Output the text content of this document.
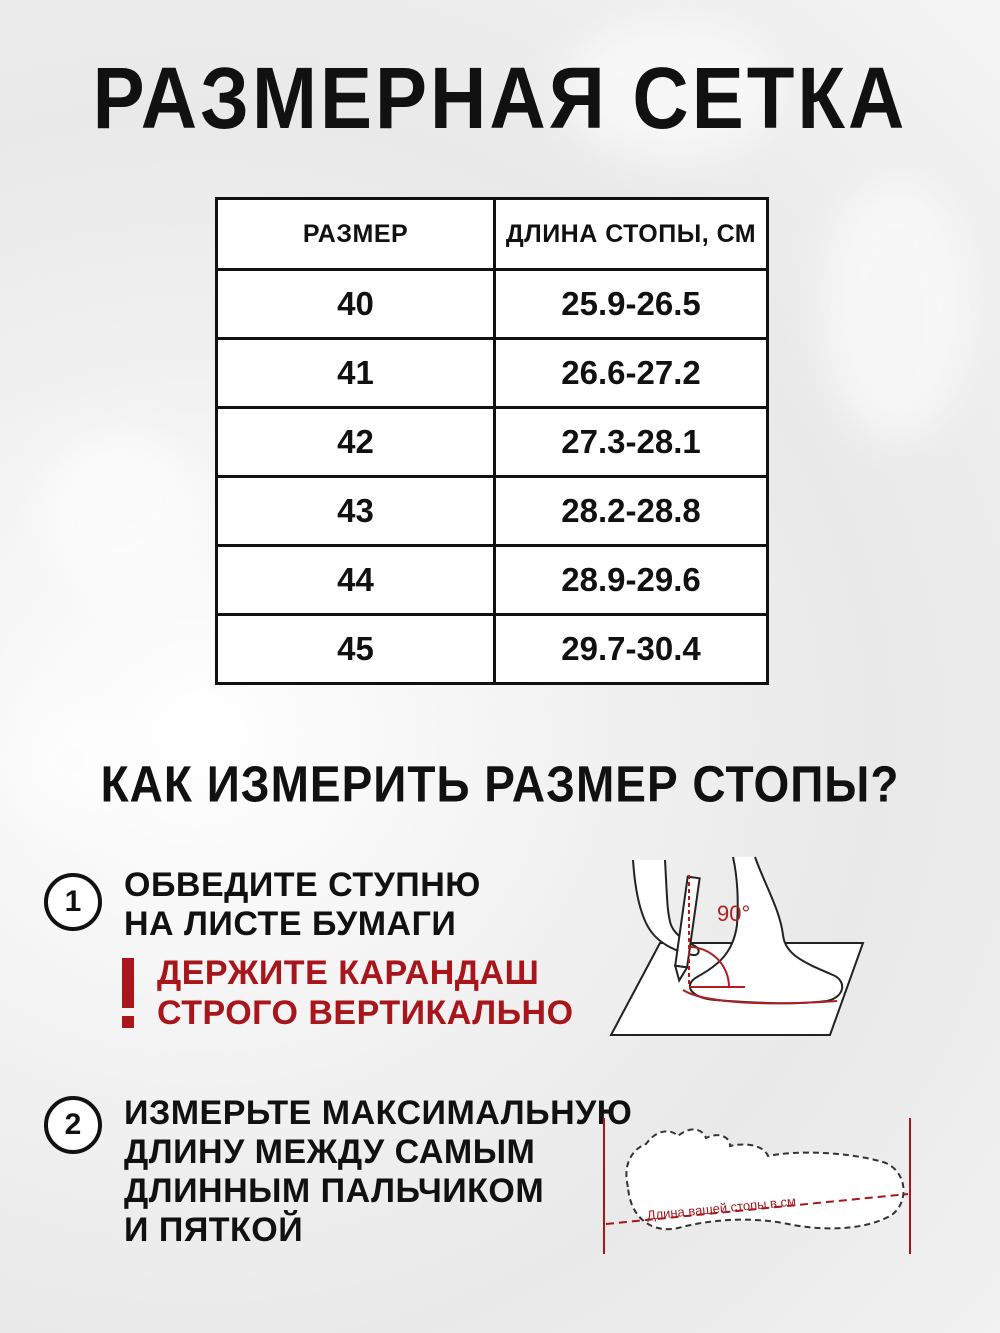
РАЗМЕРНАЯ СЕТКА
РАЗМЕР	ДЛИНА СТОПЫ, СМ
40	25.9-26.5
41	26.6-27.2
42	27.3-28.1
43	28.2-28.8
44	28.9-29.6
45	29.7-30.4
КАК ИЗМЕРИТЬ РАЗМЕР СТОПЫ?
1	ОБВЕДИТЕ СТУПНЮ
НА ЛИСТЕ БУМАГИ
ДЕРЖИТЕ КАРАНДАШ
СТРОГО ВЕРТИКАЛЬНО
90°
2	ИЗМЕРЬТЕ МАКСИМАЛЬНУЮ
ДЛИНУ МЕЖДУ САМЫМ
ДЛИННЫМ ПАЛЬЧИКОМ
И ПЯТКОЙ
Длина вашей стопы в см
